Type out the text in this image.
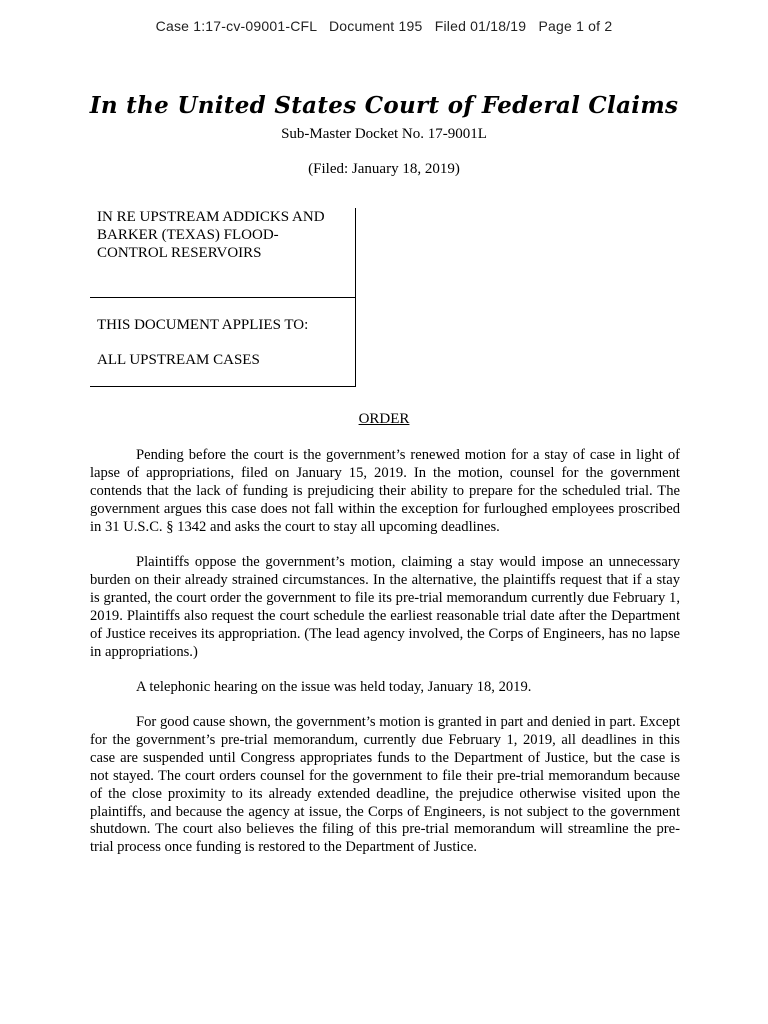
Case 1:17-cv-09001-CFL   Document 195   Filed 01/18/19   Page 1 of 2
In the United States Court of Federal Claims
Sub-Master Docket No. 17-9001L
(Filed: January 18, 2019)
IN RE UPSTREAM ADDICKS AND BARKER (TEXAS) FLOOD-CONTROL RESERVOIRS
THIS DOCUMENT APPLIES TO:
ALL UPSTREAM CASES
ORDER

Pending before the court is the government’s renewed motion for a stay of case in light of lapse of appropriations, filed on January 15, 2019. In the motion, counsel for the government contends that the lack of funding is prejudicing their ability to prepare for the scheduled trial. The government argues this case does not fall within the exception for furloughed employees proscribed in 31 U.S.C. § 1342 and asks the court to stay all upcoming deadlines.

Plaintiffs oppose the government’s motion, claiming a stay would impose an unnecessary burden on their already strained circumstances. In the alternative, the plaintiffs request that if a stay is granted, the court order the government to file its pre-trial memorandum currently due February 1, 2019. Plaintiffs also request the court schedule the earliest reasonable trial date after the Department of Justice receives its appropriation. (The lead agency involved, the Corps of Engineers, has no lapse in appropriations.)

A telephonic hearing on the issue was held today, January 18, 2019.

For good cause shown, the government’s motion is granted in part and denied in part. Except for the government’s pre-trial memorandum, currently due February 1, 2019, all deadlines in this case are suspended until Congress appropriates funds to the Department of Justice, but the case is not stayed. The court orders counsel for the government to file their pre-trial memorandum because of the close proximity to its already extended deadline, the prejudice otherwise visited upon the plaintiffs, and because the agency at issue, the Corps of Engineers, is not subject to the government shutdown. The court also believes the filing of this pre-trial memorandum will streamline the pre-trial process once funding is restored to the Department of Justice.
